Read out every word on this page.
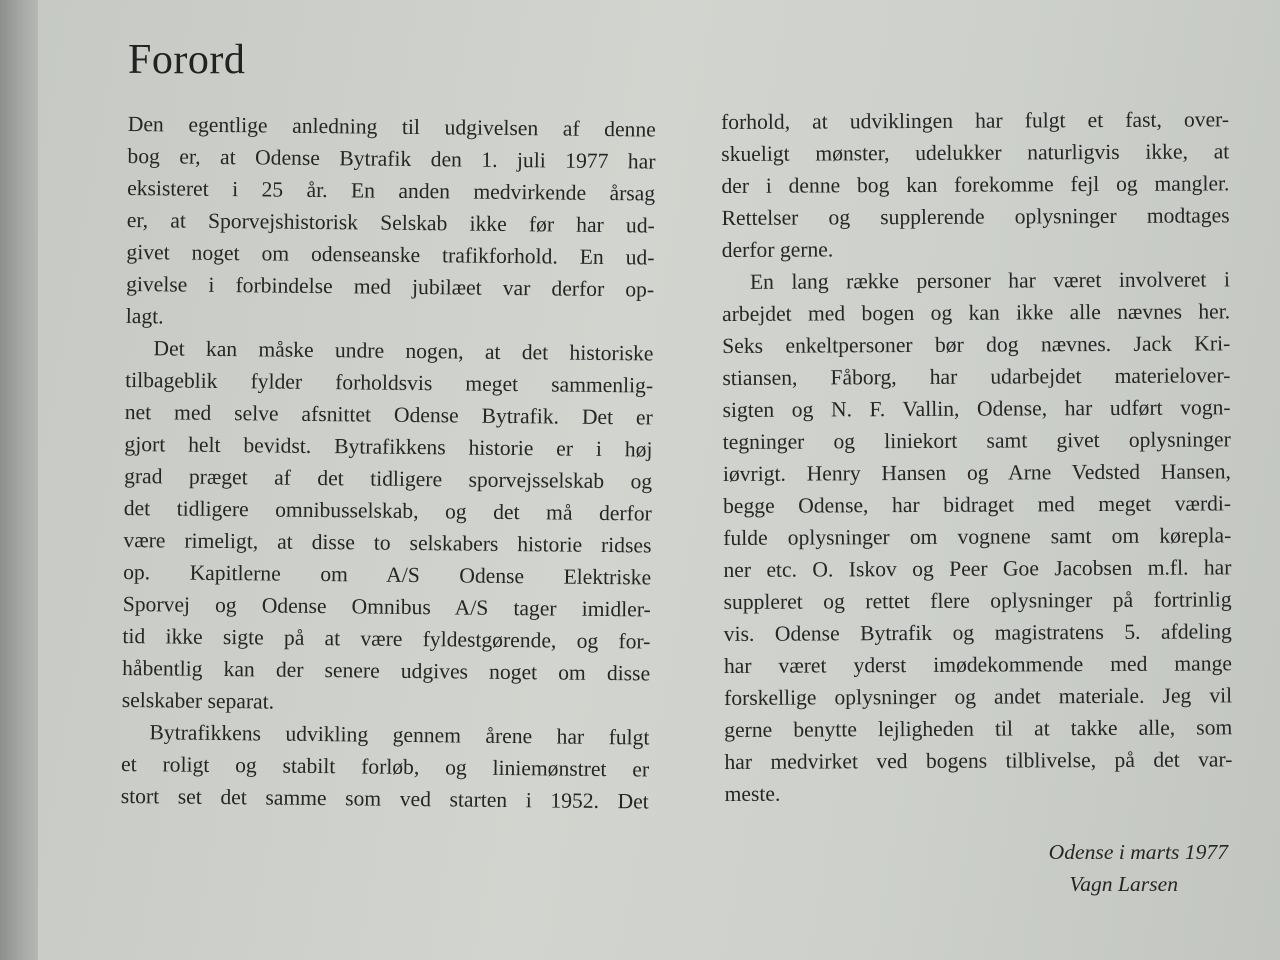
Forord
Den egentlige anledning til udgivelsen af denne
bog er, at Odense Bytrafik den 1. juli 1977 har
eksisteret i 25 år. En anden medvirkende årsag
er, at Sporvejshistorisk Selskab ikke før har ud-
givet noget om odenseanske trafikforhold. En ud-
givelse i forbindelse med jubilæet var derfor op-
lagt.
Det kan måske undre nogen, at det historiske
tilbageblik fylder forholdsvis meget sammenlig-
net med selve afsnittet Odense Bytrafik. Det er
gjort helt bevidst. Bytrafikkens historie er i høj
grad præget af det tidligere sporvejsselskab og
det tidligere omnibusselskab, og det må derfor
være rimeligt, at disse to selskabers historie ridses
op. Kapitlerne om A/S Odense Elektriske
Sporvej og Odense Omnibus A/S tager imidler-
tid ikke sigte på at være fyldestgørende, og for-
håbentlig kan der senere udgives noget om disse
selskaber separat.
Bytrafikkens udvikling gennem årene har fulgt
et roligt og stabilt forløb, og liniemønstret er
stort set det samme som ved starten i 1952. Det
forhold, at udviklingen har fulgt et fast, over-
skueligt mønster, udelukker naturligvis ikke, at
der i denne bog kan forekomme fejl og mangler.
Rettelser og supplerende oplysninger modtages
derfor gerne.
En lang række personer har været involveret i
arbejdet med bogen og kan ikke alle nævnes her.
Seks enkeltpersoner bør dog nævnes. Jack Kri-
stiansen, Fåborg, har udarbejdet materielover-
sigten og N. F. Vallin, Odense, har udført vogn-
tegninger og liniekort samt givet oplysninger
iøvrigt. Henry Hansen og Arne Vedsted Hansen,
begge Odense, har bidraget med meget værdi-
fulde oplysninger om vognene samt om kørepla-
ner etc. O. Iskov og Peer Goe Jacobsen m.fl. har
suppleret og rettet flere oplysninger på fortrinlig
vis. Odense Bytrafik og magistratens 5. afdeling
har været yderst imødekommende med mange
forskellige oplysninger og andet materiale. Jeg vil
gerne benytte lejligheden til at takke alle, som
har medvirket ved bogens tilblivelse, på det var-
meste.
Odense i marts 1977
Vagn Larsen
